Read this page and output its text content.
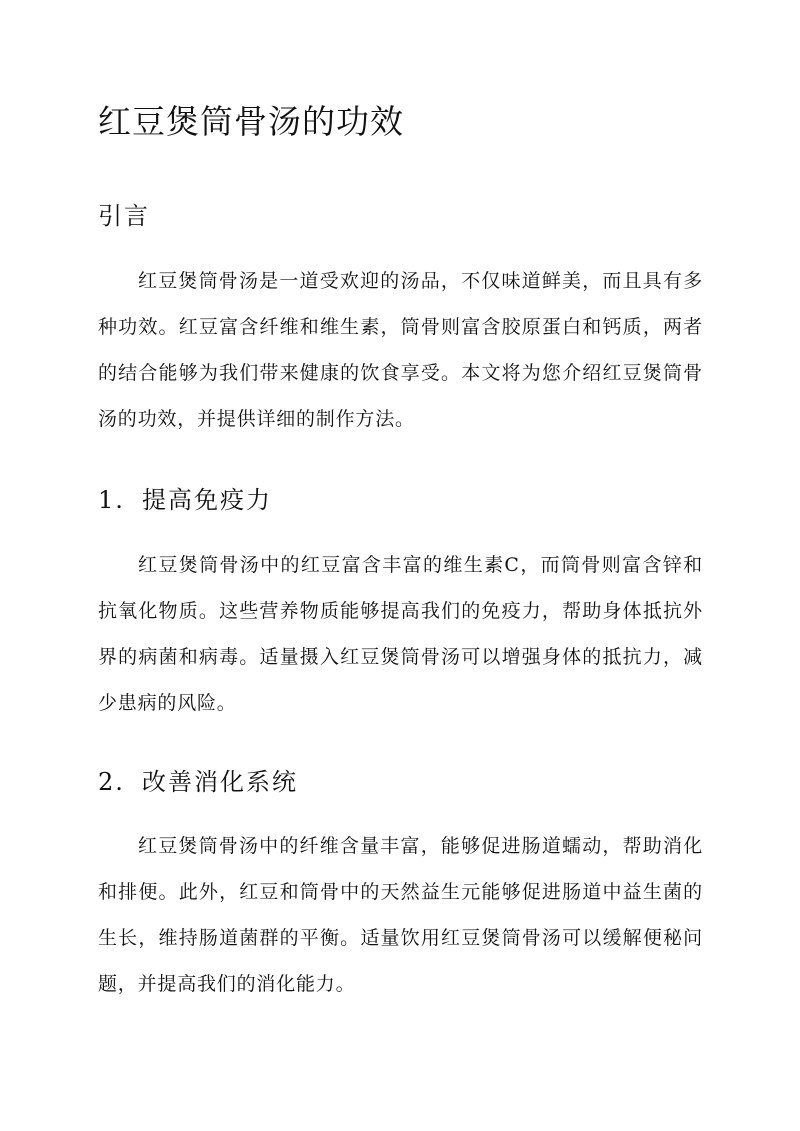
红豆煲筒骨汤的功效
引言

红豆煲筒骨汤是一道受欢迎的汤品，不仅味道鲜美，而且具有多种功效。红豆富含纤维和维生素，筒骨则富含胶原蛋白和钙质，两者的结合能够为我们带来健康的饮食享受。本文将为您介绍红豆煲筒骨汤的功效，并提供详细的制作方法。

1. 提高免疫力

红豆煲筒骨汤中的红豆富含丰富的维生素C，而筒骨则富含锌和抗氧化物质。这些营养物质能够提高我们的免疫力，帮助身体抵抗外界的病菌和病毒。适量摄入红豆煲筒骨汤可以增强身体的抵抗力，减少患病的风险。

2. 改善消化系统

红豆煲筒骨汤中的纤维含量丰富，能够促进肠道蠕动，帮助消化和排便。此外，红豆和筒骨中的天然益生元能够促进肠道中益生菌的生长，维持肠道菌群的平衡。适量饮用红豆煲筒骨汤可以缓解便秘问题，并提高我们的消化能力。
